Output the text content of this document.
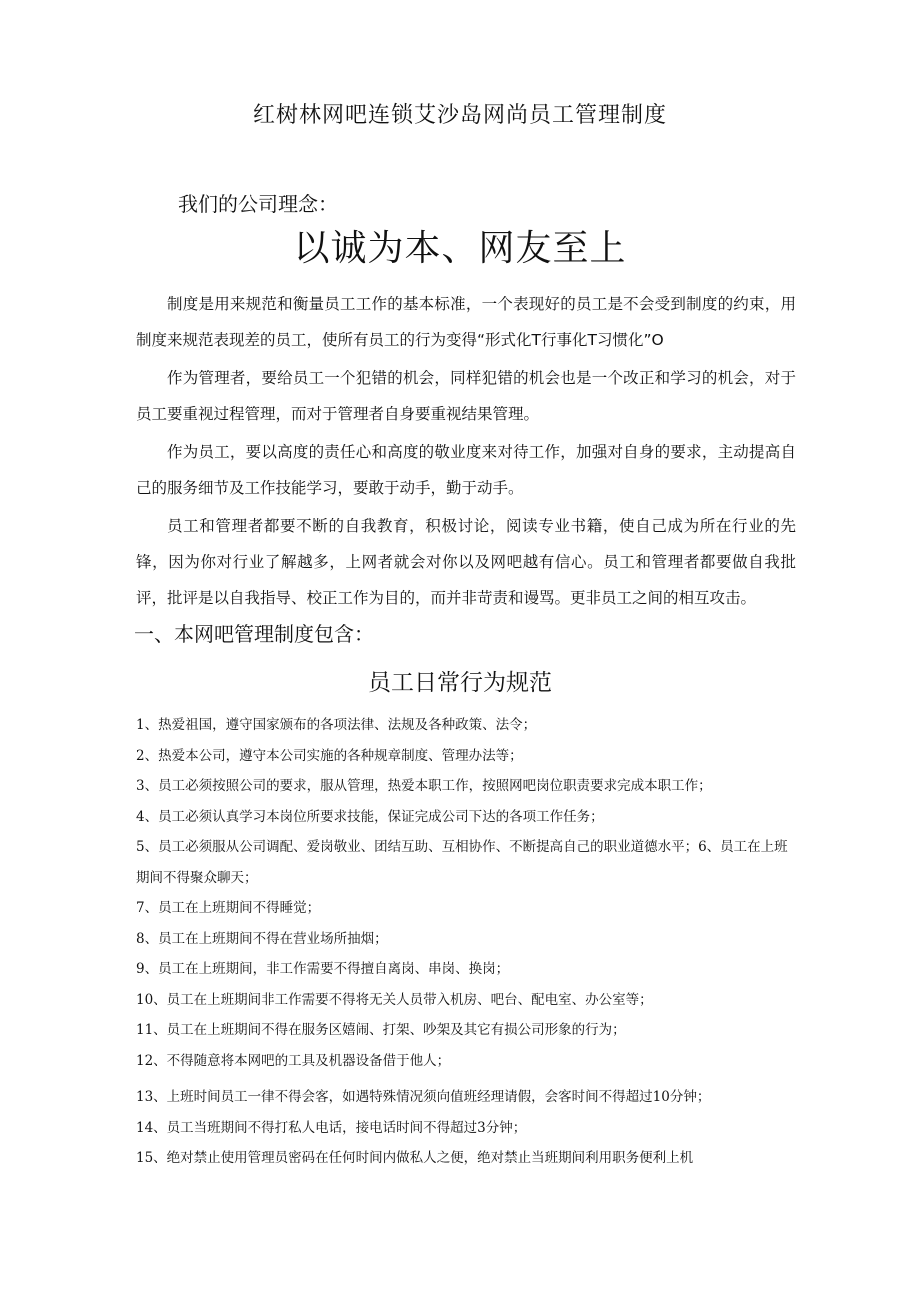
红树林网吧连锁艾沙岛网尚员工管理制度
我们的公司理念：
以诚为本、网友至上

制度是用来规范和衡量员工工作的基本标准，一个表现好的员工是不会受到制度的约束，用制度来规范表现差的员工，使所有员工的行为变得“形式化T行事化T习惯化”O

作为管理者，要给员工一个犯错的机会，同样犯错的机会也是一个改正和学习的机会，对于员工要重视过程管理，而对于管理者自身要重视结果管理。

作为员工，要以高度的责任心和高度的敬业度来对待工作，加强对自身的要求，主动提高自己的服务细节及工作技能学习，要敢于动手，勤于动手。

员工和管理者都要不断的自我教育，积极讨论，阅读专业书籍，使自己成为所在行业的先锋，因为你对行业了解越多，上网者就会对你以及网吧越有信心。员工和管理者都要做自我批评，批评是以自我指导、校正工作为目的，而并非苛责和谩骂。更非员工之间的相互攻击。

一、本网吧管理制度包含：
员工日常行为规范
1、热爱祖国，遵守国家颁布的各项法律、法规及各种政策、法令；
2、热爱本公司，遵守本公司实施的各种规章制度、管理办法等；
3、员工必须按照公司的要求，服从管理，热爱本职工作，按照网吧岗位职责要求完成本职工作；
4、员工必须认真学习本岗位所要求技能，保证完成公司下达的各项工作任务；
5、员工必须服从公司调配、爱岗敬业、团结互助、互相协作、不断提高自己的职业道德水平；6、员工在上班期间不得聚众聊天；
7、员工在上班期间不得睡觉；
8、员工在上班期间不得在营业场所抽烟；
9、员工在上班期间，非工作需要不得擅自离岗、串岗、换岗；
10、员工在上班期间非工作需要不得将无关人员带入机房、吧台、配电室、办公室等；
11、员工在上班期间不得在服务区嬉闹、打架、吵架及其它有损公司形象的行为；
12、不得随意将本网吧的工具及机器设备借于他人；
13、上班时间员工一律不得会客，如遇特殊情况须向值班经理请假，会客时间不得超过10分钟；
14、员工当班期间不得打私人电话，接电话时间不得超过3分钟；
15、绝对禁止使用管理员密码在任何时间内做私人之便，绝对禁止当班期间利用职务便利上机
